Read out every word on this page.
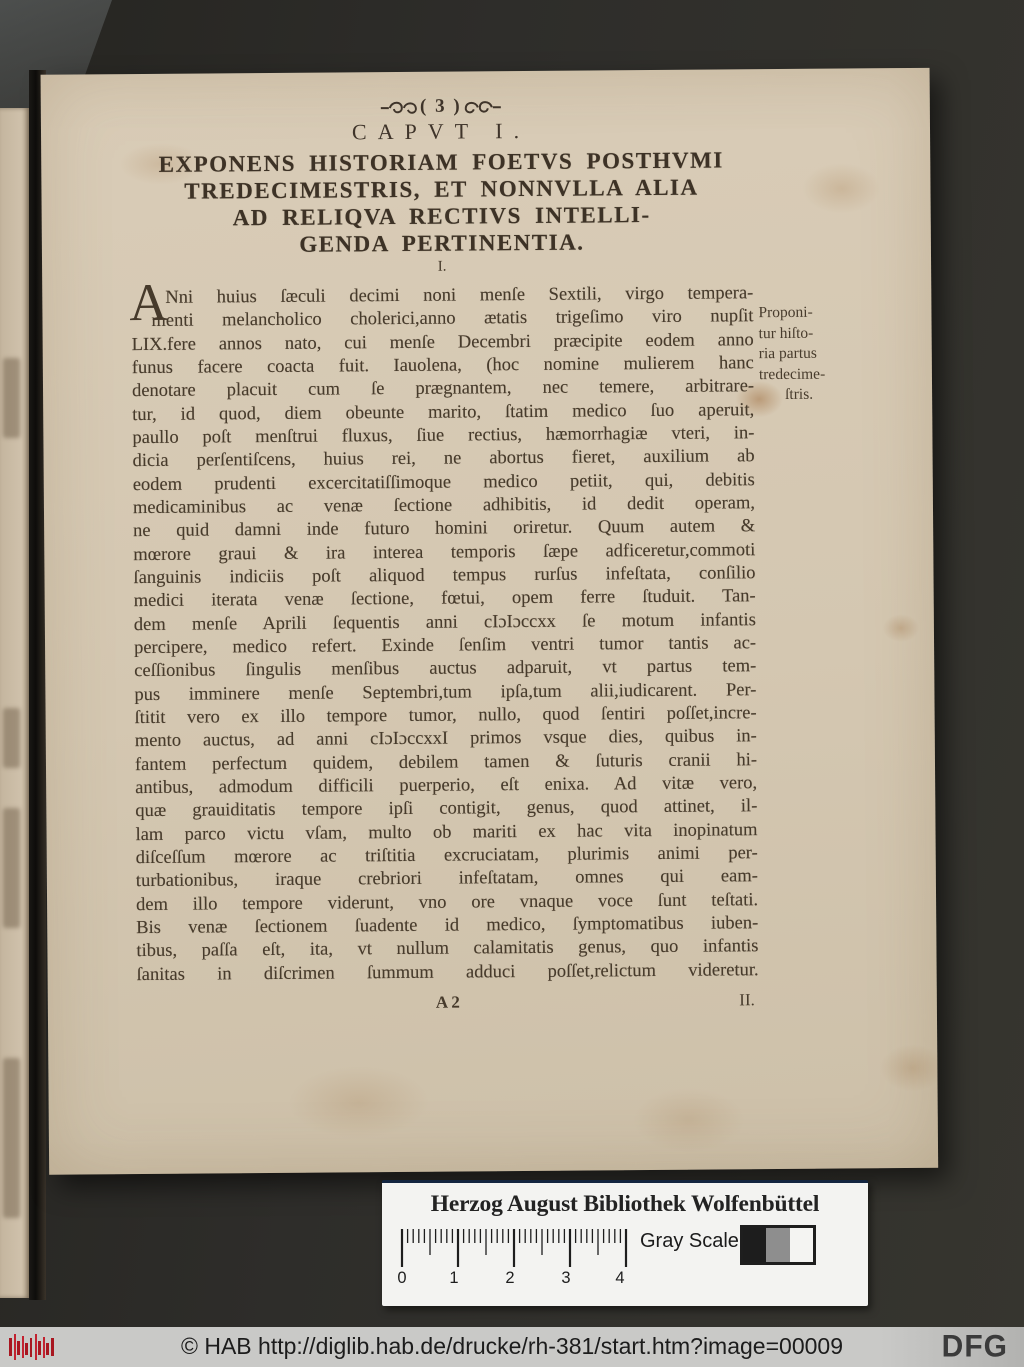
( 3 )
CAPVT I.
EXPONENS HISTORIAM FOETVS POSTHVMI
TREDECIMESTRIS, ET NONNVLLA ALIA
AD RELIQVA RECTIVS INTELLI-
GENDA PERTINENTIA.
I.
A
Nni huius ſæculi decimi noni menſe Sextili, virgo tempera-
menti melancholico cholerici,anno ætatis trigeſimo viro nupſit
LIX.fere annos nato, cui menſe Decembri præcipite eodem anno
funus facere coacta fuit. Iauolena, (hoc nomine mulierem hanc
denotare placuit cum ſe prægnantem, nec temere, arbitrare-
tur, id quod, diem obeunte marito, ſtatim medico ſuo aperuit,
paullo poſt menſtrui fluxus, ſiue rectius, hæmorrhagiæ vteri, in-
dicia perſentiſcens, huius rei, ne abortus fieret, auxilium ab
eodem prudenti excercitatiſſimoque medico petiit, qui, debitis
medicaminibus ac venæ ſectione adhibitis, id dedit operam,
ne quid damni inde futuro homini oriretur. Quum autem &
mœrore graui & ira interea temporis ſæpe adficeretur,commoti
ſanguinis indiciis poſt aliquod tempus rurſus infeſtata, conſilio
medici iterata venæ ſectione, fœtui, opem ferre ſtuduit. Tan-
dem menſe Aprili ſequentis anni cIɔIɔccxx ſe motum infantis
percipere, medico refert. Exinde ſenſim ventri tumor tantis ac-
ceſſionibus ſingulis menſibus auctus adparuit, vt partus tem-
pus imminere menſe Septembri,tum ipſa,tum alii,iudicarent. Per-
ſtitit vero ex illo tempore tumor, nullo, quod ſentiri poſſet,incre-
mento auctus, ad anni cIɔIɔccxxI primos vsque dies, quibus in-
fantem perfectum quidem, debilem tamen & ſuturis cranii hi-
antibus, admodum difficili puerperio, eſt enixa. Ad vitæ vero,
quæ grauiditatis tempore ipſi contigit, genus, quod attinet, il-
lam parco victu vſam, multo ob mariti ex hac vita inopinatum
diſceſſum mœrore ac triſtitia excruciatam, plurimis animi per-
turbationibus, iraque crebriori infeſtatam, omnes qui eam-
dem illo tempore viderunt, vno ore vnaque voce ſunt teſtati.
Bis venæ ſectionem ſuadente id medico, ſymptomatibus iuben-
tibus, paſſa eſt, ita, vt nullum calamitatis genus, quo infantis
ſanitas in diſcrimen ſummum adduci poſſet,relictum videretur.
A 2	II.
Proponi-
tur hiſto-
ria partus
tredecime-
ſtris.
Herzog August Bibliothek Wolfenbüttel
0	1	2	3	4
Gray Scale
© HAB http://diglib.hab.de/drucke/rh-381/start.htm?image=00009	DFG
